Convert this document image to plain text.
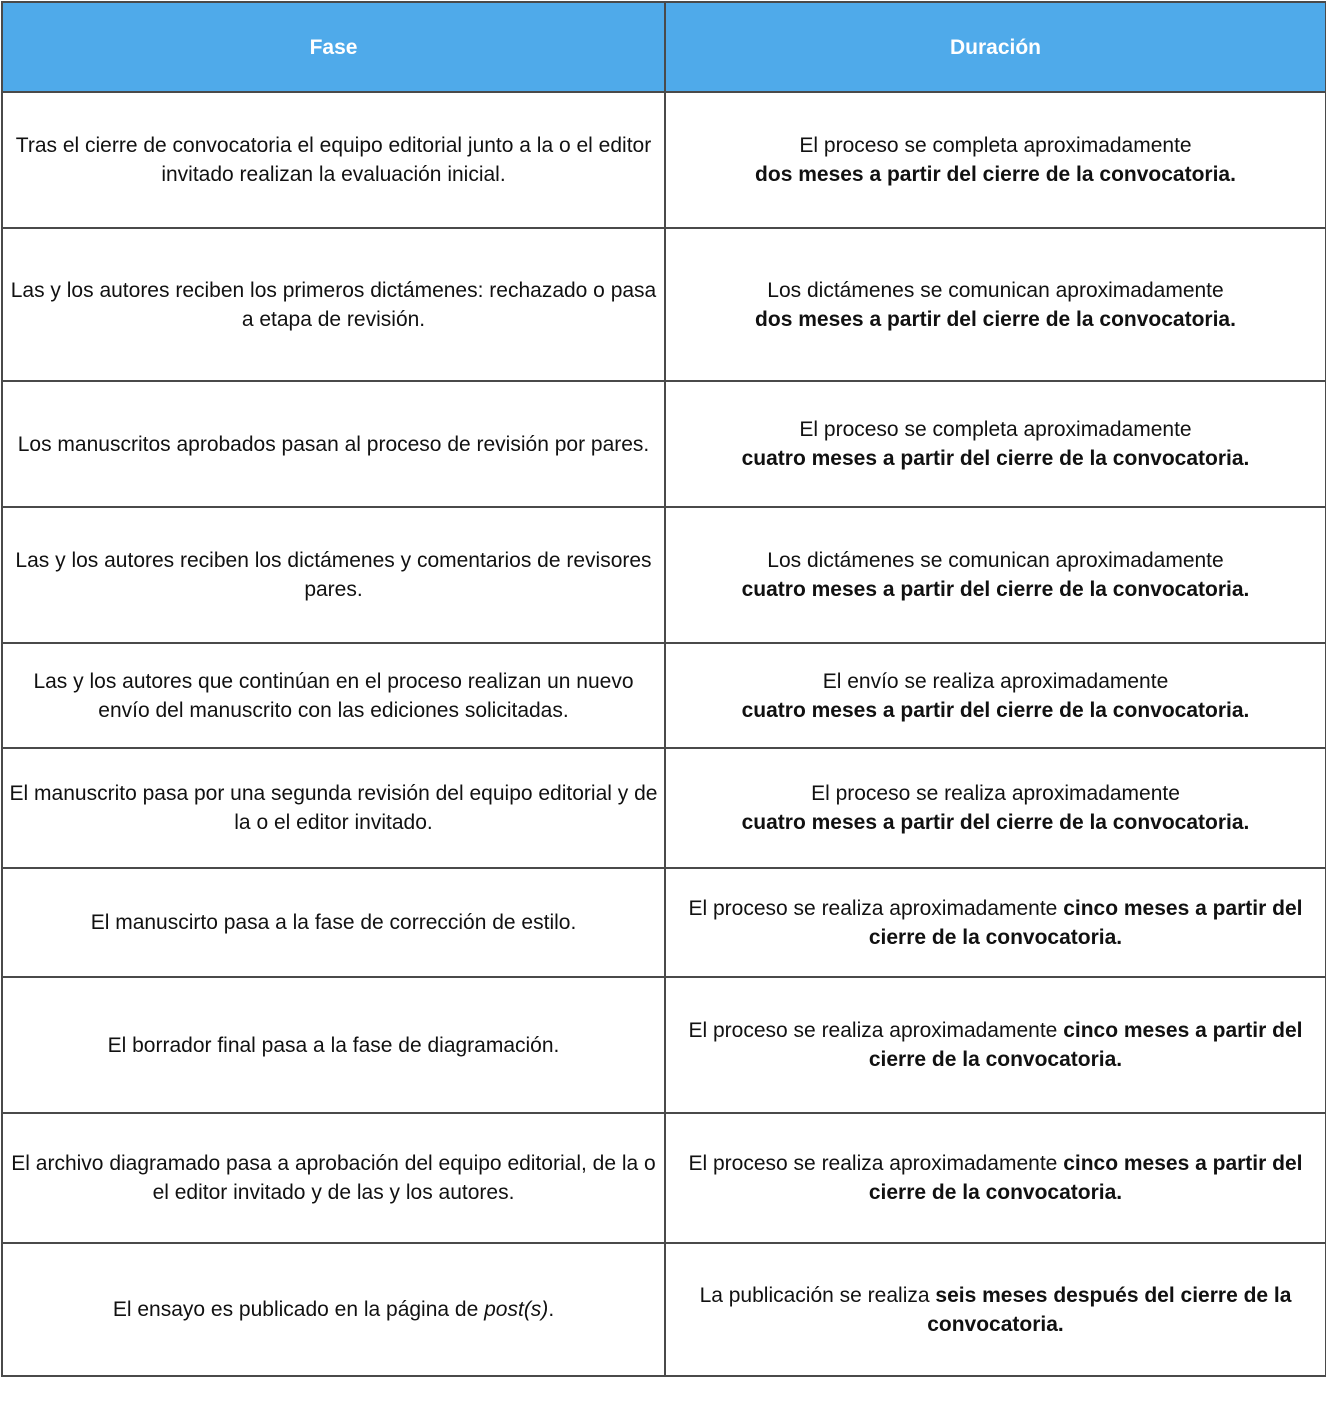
Fase	Duración
Tras el cierre de convocatoria el equipo editorial junto a la o el editor invitado realizan la evaluación inicial.	El proceso se completa aproximadamente
dos meses a partir del cierre de la convocatoria.
Las y los autores reciben los primeros dictámenes: rechazado o pasa a etapa de revisión.	Los dictámenes se comunican aproximadamente
dos meses a partir del cierre de la convocatoria.
Los manuscritos aprobados pasan al proceso de revisión por pares.	El proceso se completa aproximadamente
cuatro meses a partir del cierre de la convocatoria.
Las y los autores reciben los dictámenes y comentarios de revisores pares.	Los dictámenes se comunican aproximadamente
cuatro meses a partir del cierre de la convocatoria.
Las y los autores que continúan en el proceso realizan un nuevo envío del manuscrito con las ediciones solicitadas.	El envío se realiza aproximadamente
cuatro meses a partir del cierre de la convocatoria.
El manuscrito pasa por una segunda revisión del equipo editorial y de la o el editor invitado.	El proceso se realiza aproximadamente
cuatro meses a partir del cierre de la convocatoria.
El manuscirto pasa a la fase de corrección de estilo.	El proceso se realiza aproximadamente cinco meses a partir del cierre de la convocatoria.
El borrador final pasa a la fase de diagramación.	El proceso se realiza aproximadamente cinco meses a partir del cierre de la convocatoria.
El archivo diagramado pasa a aprobación del equipo editorial, de la o el editor invitado y de las y los autores.	El proceso se realiza aproximadamente cinco meses a partir del cierre de la convocatoria.
El ensayo es publicado en la página de post(s).	La publicación se realiza seis meses después del cierre de la convocatoria.
